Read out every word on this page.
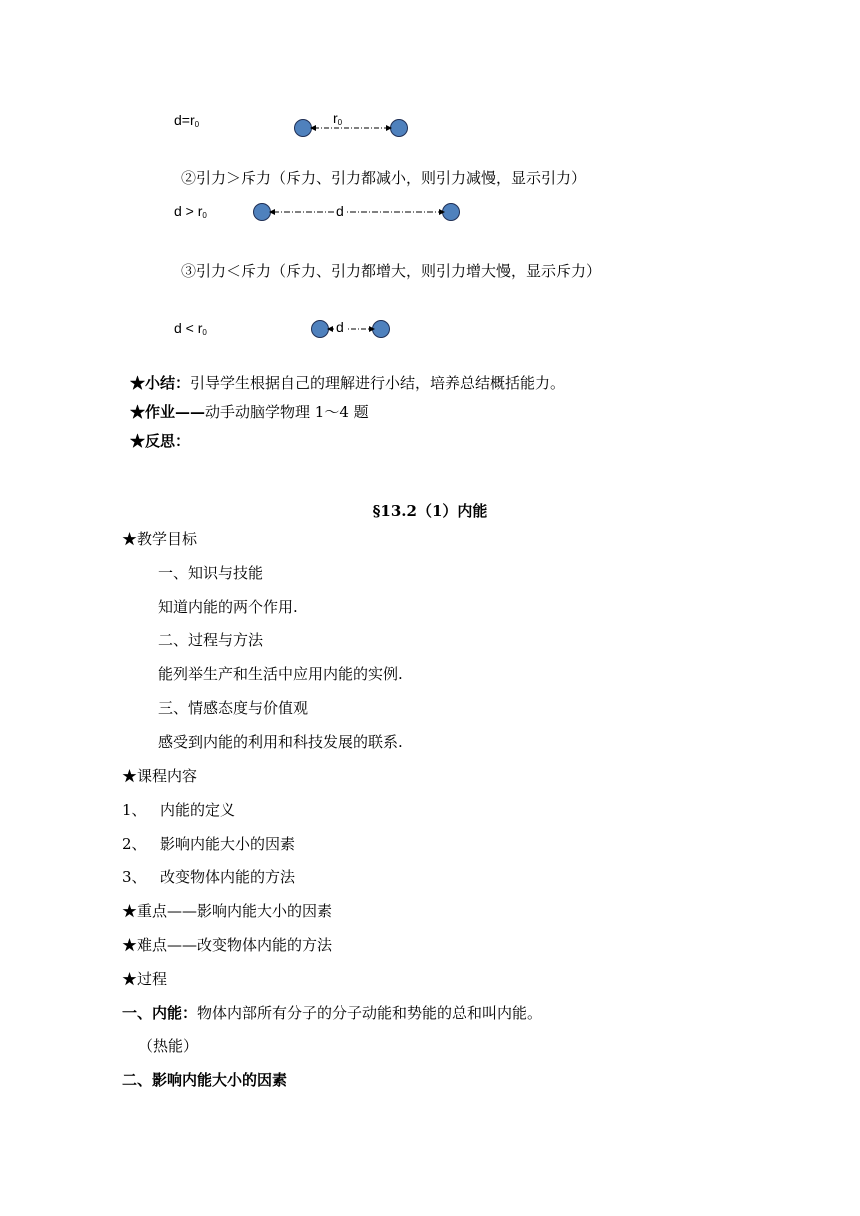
$d=r_0$	$r_0$
②引力＞斥力（斥力、引力都减小，则引力减慢，显示引力）
$d > r_0$	d
③引力＜斥力（斥力、引力都增大，则引力增大慢，显示斥力）
$d < r_0$	d
★小结：引导学生根据自己的理解进行小结，培养总结概括能力。
★作业——动手动脑学物理 1～4 题
★反思：
§13.2（1）内能
★教学目标
一、知识与技能
知道内能的两个作用.
二、过程与方法
能列举生产和生活中应用内能的实例.
三、情感态度与价值观
感受到内能的利用和科技发展的联系.
★课程内容
1、 内能的定义
2、 影响内能大小的因素
3、 改变物体内能的方法
★重点——影响内能大小的因素
★难点——改变物体内能的方法
★过程
一、内能：物体内部所有分子的分子动能和势能的总和叫内能。
（热能）
二、影响内能大小的因素
